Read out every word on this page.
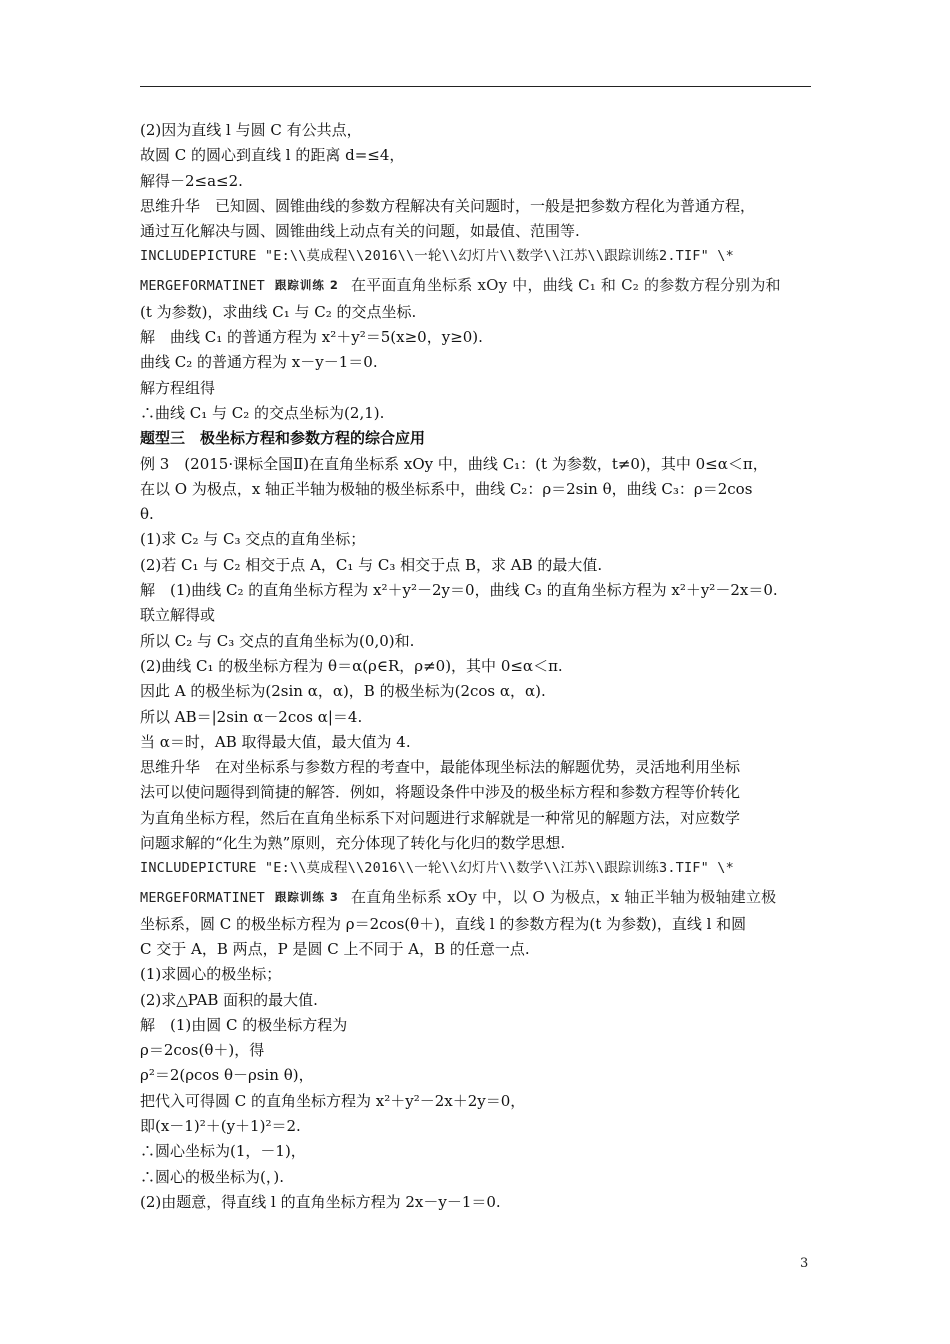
(2)因为直线 l 与圆 C 有公共点，
故圆 C 的圆心到直线 l 的距离 d=≤4，
解得－2≤a≤2.
思维升华　已知圆、圆锥曲线的参数方程解决有关问题时，一般是把参数方程化为普通方程，
通过互化解决与圆、圆锥曲线上动点有关的问题，如最值、范围等.
INCLUDEPICTURE "E:\\莫成程\\2016\\一轮\\幻灯片\\数学\\江苏\\跟踪训练2.TIF" \*
MERGEFORMATINET 跟踪训练 2 在平面直角坐标系 xOy 中，曲线 C₁ 和 C₂ 的参数方程分别为和
(t 为参数)，求曲线 C₁ 与 C₂ 的交点坐标.
解　曲线 C₁ 的普通方程为 x²＋y²＝5(x≥0，y≥0).
曲线 C₂ 的普通方程为 x－y－1＝0.
解方程组得
∴曲线 C₁ 与 C₂ 的交点坐标为(2,1).
题型三　极坐标方程和参数方程的综合应用
例 3　(2015·课标全国Ⅱ)在直角坐标系 xOy 中，曲线 C₁：(t 为参数，t≠0)，其中 0≤α＜π，
在以 O 为极点，x 轴正半轴为极轴的极坐标系中，曲线 C₂：ρ＝2sin θ，曲线 C₃：ρ＝2cos
θ.
(1)求 C₂ 与 C₃ 交点的直角坐标；
(2)若 C₁ 与 C₂ 相交于点 A，C₁ 与 C₃ 相交于点 B，求 AB 的最大值.
解　(1)曲线 C₂ 的直角坐标方程为 x²＋y²－2y＝0，曲线 C₃ 的直角坐标方程为 x²＋y²－2x＝0.
联立解得或
所以 C₂ 与 C₃ 交点的直角坐标为(0,0)和.
(2)曲线 C₁ 的极坐标方程为 θ＝α(ρ∈R，ρ≠0)，其中 0≤α＜π.
因此 A 的极坐标为(2sin α，α)，B 的极坐标为(2cos α，α).
所以 AB＝|2sin α－2cos α|＝4.
当 α＝时，AB 取得最大值，最大值为 4.
思维升华　在对坐标系与参数方程的考查中，最能体现坐标法的解题优势，灵活地利用坐标
法可以使问题得到简捷的解答．例如，将题设条件中涉及的极坐标方程和参数方程等价转化
为直角坐标方程，然后在直角坐标系下对问题进行求解就是一种常见的解题方法，对应数学
问题求解的“化生为熟”原则，充分体现了转化与化归的数学思想.
INCLUDEPICTURE "E:\\莫成程\\2016\\一轮\\幻灯片\\数学\\江苏\\跟踪训练3.TIF" \*
MERGEFORMATINET 跟踪训练 3 在直角坐标系 xOy 中，以 O 为极点，x 轴正半轴为极轴建立极
坐标系，圆 C 的极坐标方程为 ρ＝2cos(θ＋)，直线 l 的参数方程为(t 为参数)，直线 l 和圆
C 交于 A，B 两点，P 是圆 C 上不同于 A，B 的任意一点.
(1)求圆心的极坐标；
(2)求△PAB 面积的最大值.
解　(1)由圆 C 的极坐标方程为
ρ＝2cos(θ＋)，得
ρ²＝2(ρcos θ－ρsin θ)，
把代入可得圆 C 的直角坐标方程为 x²＋y²－2x＋2y＝0，
即(x－1)²＋(y＋1)²＝2.
∴圆心坐标为(1，－1)，
∴圆心的极坐标为(，).
(2)由题意，得直线 l 的直角坐标方程为 2x－y－1＝0.
3
